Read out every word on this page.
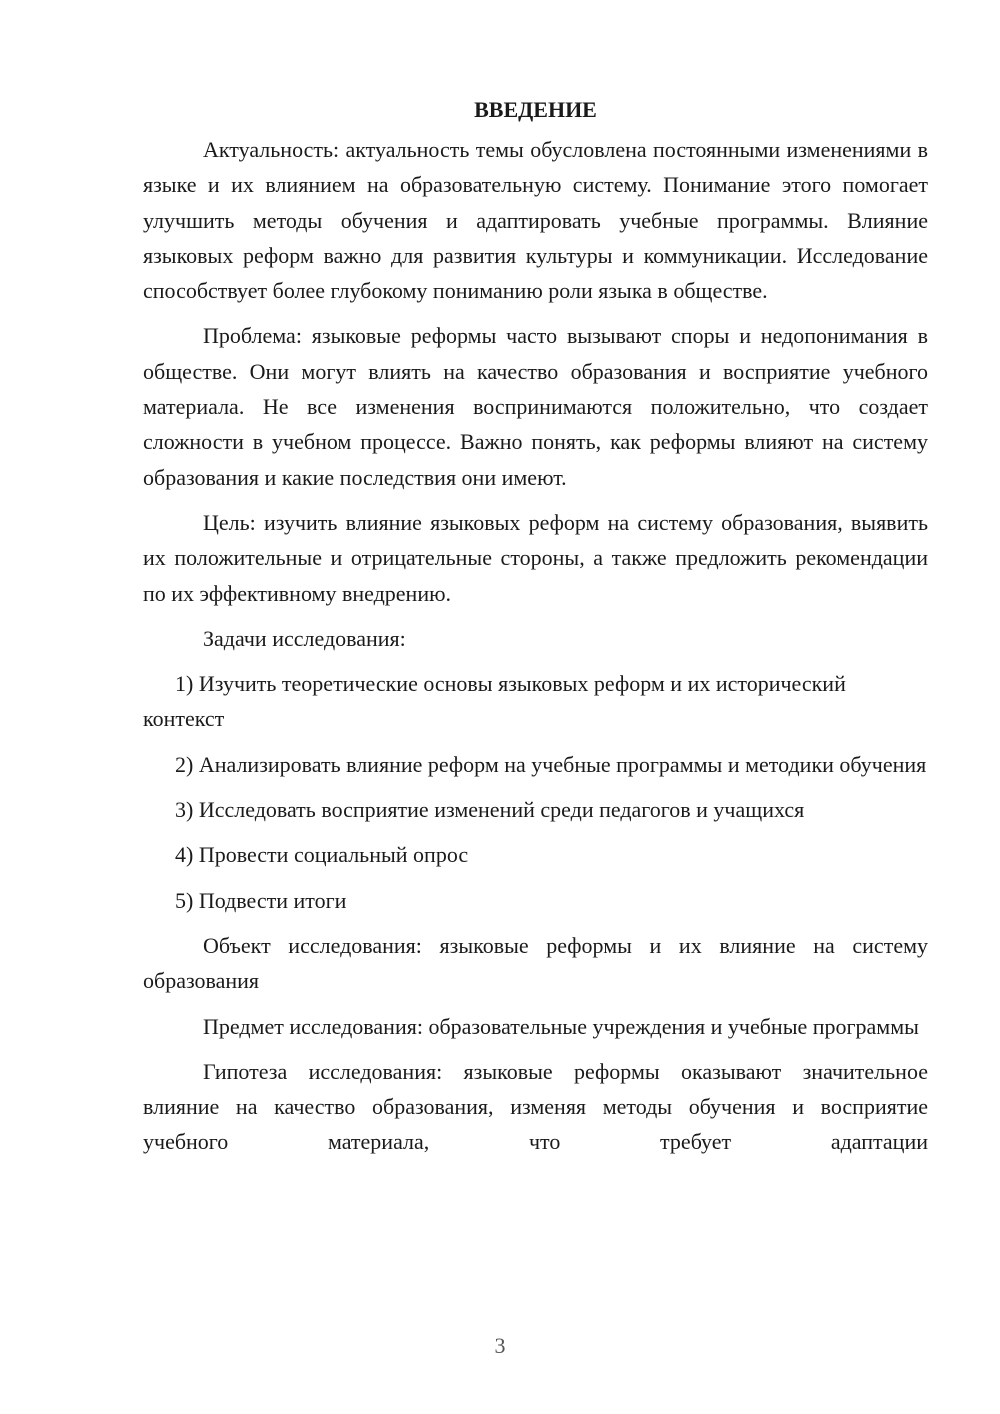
ВВЕДЕНИЕ

Актуальность: актуальность темы обусловлена постоянными изменениями в языке и их влиянием на образовательную систему. Понимание этого помогает улучшить методы обучения и адаптировать учебные программы. Влияние языковых реформ важно для развития культуры и коммуникации. Исследование способствует более глубокому пониманию роли языка в обществе.

Проблема: языковые реформы часто вызывают споры и недопонимания в обществе. Они могут влиять на качество образования и восприятие учебного материала. Не все изменения воспринимаются положительно, что создает сложности в учебном процессе. Важно понять, как реформы влияют на систему образования и какие последствия они имеют.

Цель: изучить влияние языковых реформ на систему образования, выявить их положительные и отрицательные стороны, а также предложить рекомендации по их эффективному внедрению.

Задачи исследования:

1) Изучить теоретические основы языковых реформ и их исторический контекст

2) Анализировать влияние реформ на учебные программы и методики обучения

3) Исследовать восприятие изменений среди педагогов и учащихся

4) Провести социальный опрос

5) Подвести итоги

Объект исследования: языковые реформы и их влияние на систему образования

Предмет исследования: образовательные учреждения и учебные программы

Гипотеза исследования: языковые реформы оказывают значительное влияние на качество образования, изменяя методы обучения и восприятие учебного материала, что требует адаптации

3
